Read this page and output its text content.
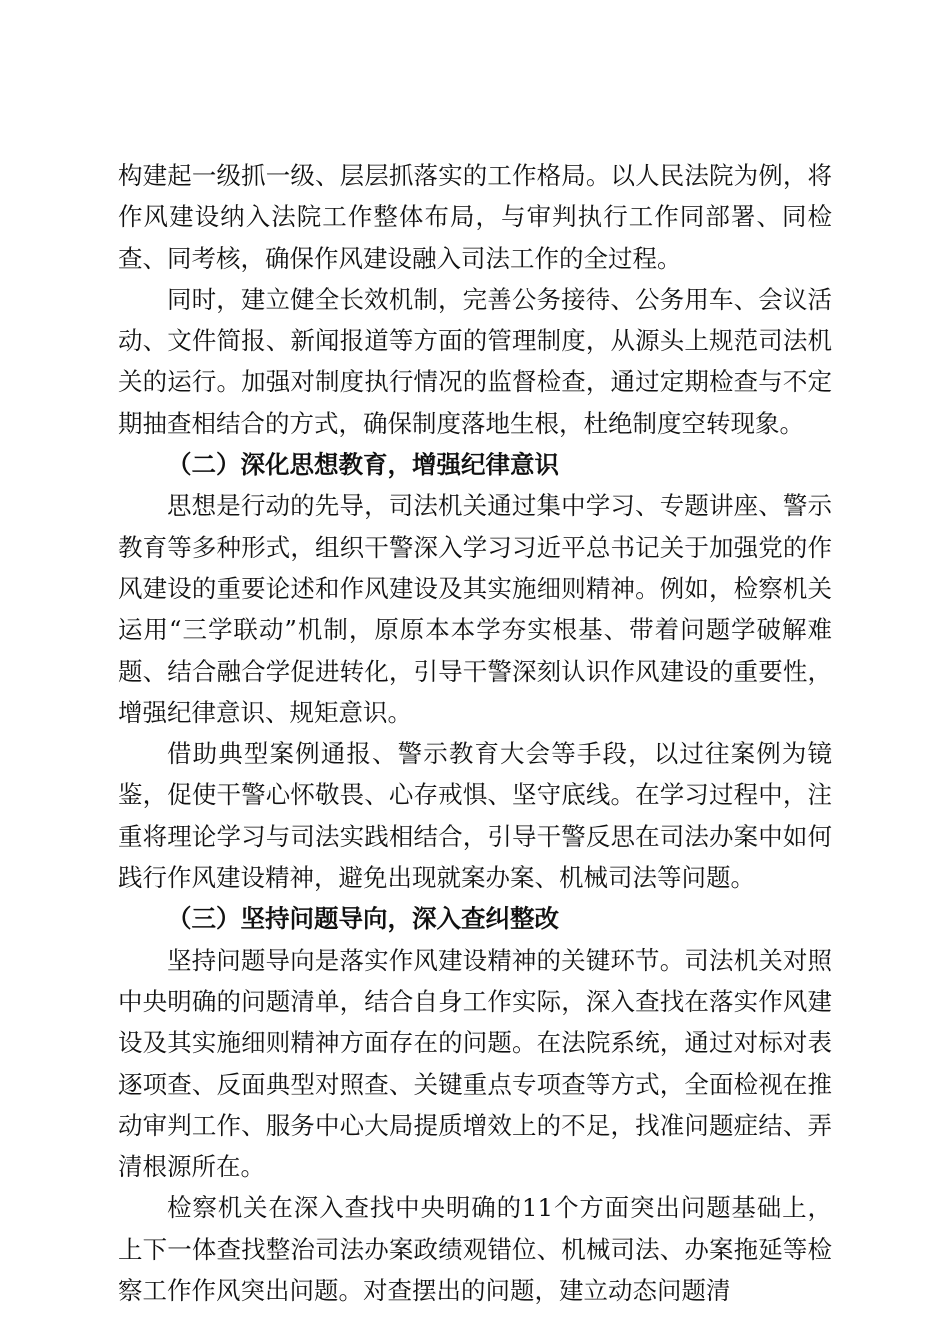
构建起一级抓一级、层层抓落实的工作格局。以人民法院为例，将作风建设纳入法院工作整体布局，与审判执行工作同部署、同检查、同考核，确保作风建设融入司法工作的全过程。

同时，建立健全长效机制，完善公务接待、公务用车、会议活动、文件简报、新闻报道等方面的管理制度，从源头上规范司法机关的运行。加强对制度执行情况的监督检查，通过定期检查与不定期抽查相结合的方式，确保制度落地生根，杜绝制度空转现象。

（二）深化思想教育，增强纪律意识

思想是行动的先导，司法机关通过集中学习、专题讲座、警示教育等多种形式，组织干警深入学习习近平总书记关于加强党的作风建设的重要论述和作风建设及其实施细则精神。例如，检察机关运用“三学联动”机制，原原本本学夯实根基、带着问题学破解难题、结合融合学促进转化，引导干警深刻认识作风建设的重要性，增强纪律意识、规矩意识。

借助典型案例通报、警示教育大会等手段，以过往案例为镜鉴，促使干警心怀敬畏、心存戒惧、坚守底线。在学习过程中，注重将理论学习与司法实践相结合，引导干警反思在司法办案中如何践行作风建设精神，避免出现就案办案、机械司法等问题。

（三）坚持问题导向，深入查纠整改

坚持问题导向是落实作风建设精神的关键环节。司法机关对照中央明确的问题清单，结合自身工作实际，深入查找在落实作风建设及其实施细则精神方面存在的问题。在法院系统，通过对标对表逐项查、反面典型对照查、关键重点专项查等方式，全面检视在推动审判工作、服务中心大局提质增效上的不足，找准问题症结、弄清根源所在。

检察机关在深入查找中央明确的11个方面突出问题基础上，上下一体查找整治司法办案政绩观错位、机械司法、办案拖延等检察工作作风突出问题。对查摆出的问题，建立动态问题清
